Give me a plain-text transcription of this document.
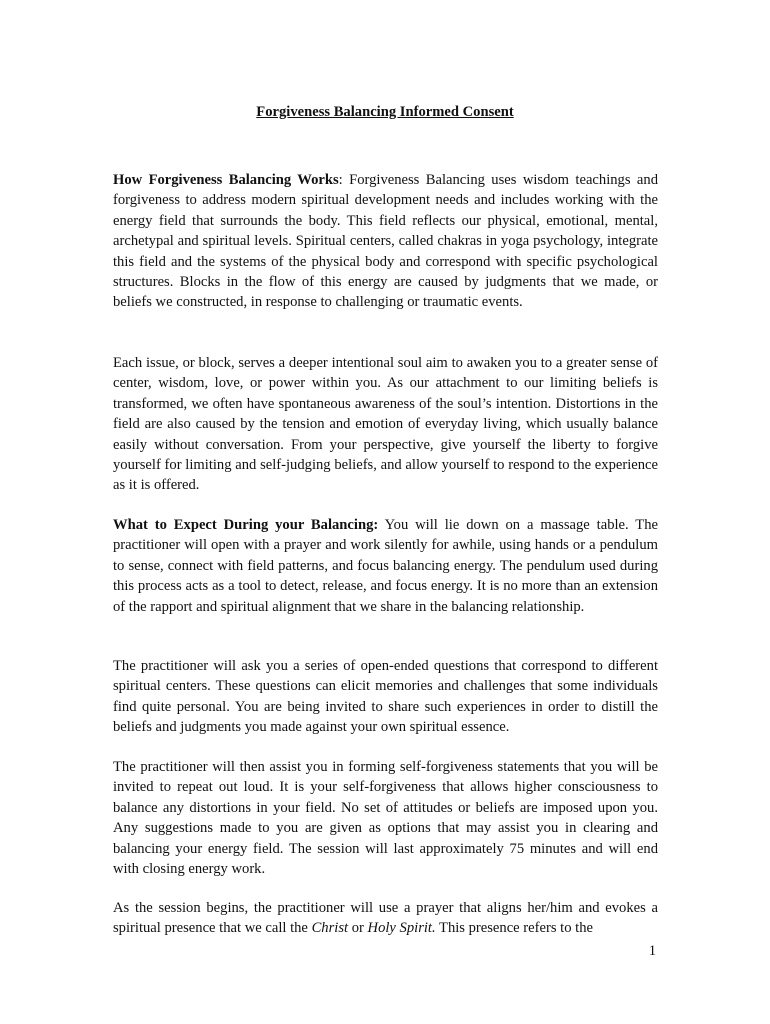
Forgiveness Balancing Informed Consent

How Forgiveness Balancing Works: Forgiveness Balancing uses wisdom teachings and forgiveness to address modern spiritual development needs and includes working with the energy field that surrounds the body. This field reflects our physical, emotional, mental, archetypal and spiritual levels. Spiritual centers, called chakras in yoga psychology, integrate this field and the systems of the physical body and correspond with specific psychological structures. Blocks in the flow of this energy are caused by judgments that we made, or beliefs we constructed, in response to challenging or traumatic events.

Each issue, or block, serves a deeper intentional soul aim to awaken you to a greater sense of center, wisdom, love, or power within you. As our attachment to our limiting beliefs is transformed, we often have spontaneous awareness of the soul’s intention. Distortions in the field are also caused by the tension and emotion of everyday living, which usually balance easily without conversation. From your perspective, give yourself the liberty to forgive yourself for limiting and self-judging beliefs, and allow yourself to respond to the experience as it is offered.

What to Expect During your Balancing: You will lie down on a massage table. The practitioner will open with a prayer and work silently for awhile, using hands or a pendulum to sense, connect with field patterns, and focus balancing energy. The pendulum used during this process acts as a tool to detect, release, and focus energy. It is no more than an extension of the rapport and spiritual alignment that we share in the balancing relationship.

The practitioner will ask you a series of open-ended questions that correspond to different spiritual centers. These questions can elicit memories and challenges that some individuals find quite personal. You are being invited to share such experiences in order to distill the beliefs and judgments you made against your own spiritual essence.

The practitioner will then assist you in forming self-forgiveness statements that you will be invited to repeat out loud. It is your self-forgiveness that allows higher consciousness to balance any distortions in your field. No set of attitudes or beliefs are imposed upon you. Any suggestions made to you are given as options that may assist you in clearing and balancing your energy field. The session will last approximately 75 minutes and will end with closing energy work.

As the session begins, the practitioner will use a prayer that aligns her/him and evokes a spiritual presence that we call the Christ or Holy Spirit. This presence refers to the

1
